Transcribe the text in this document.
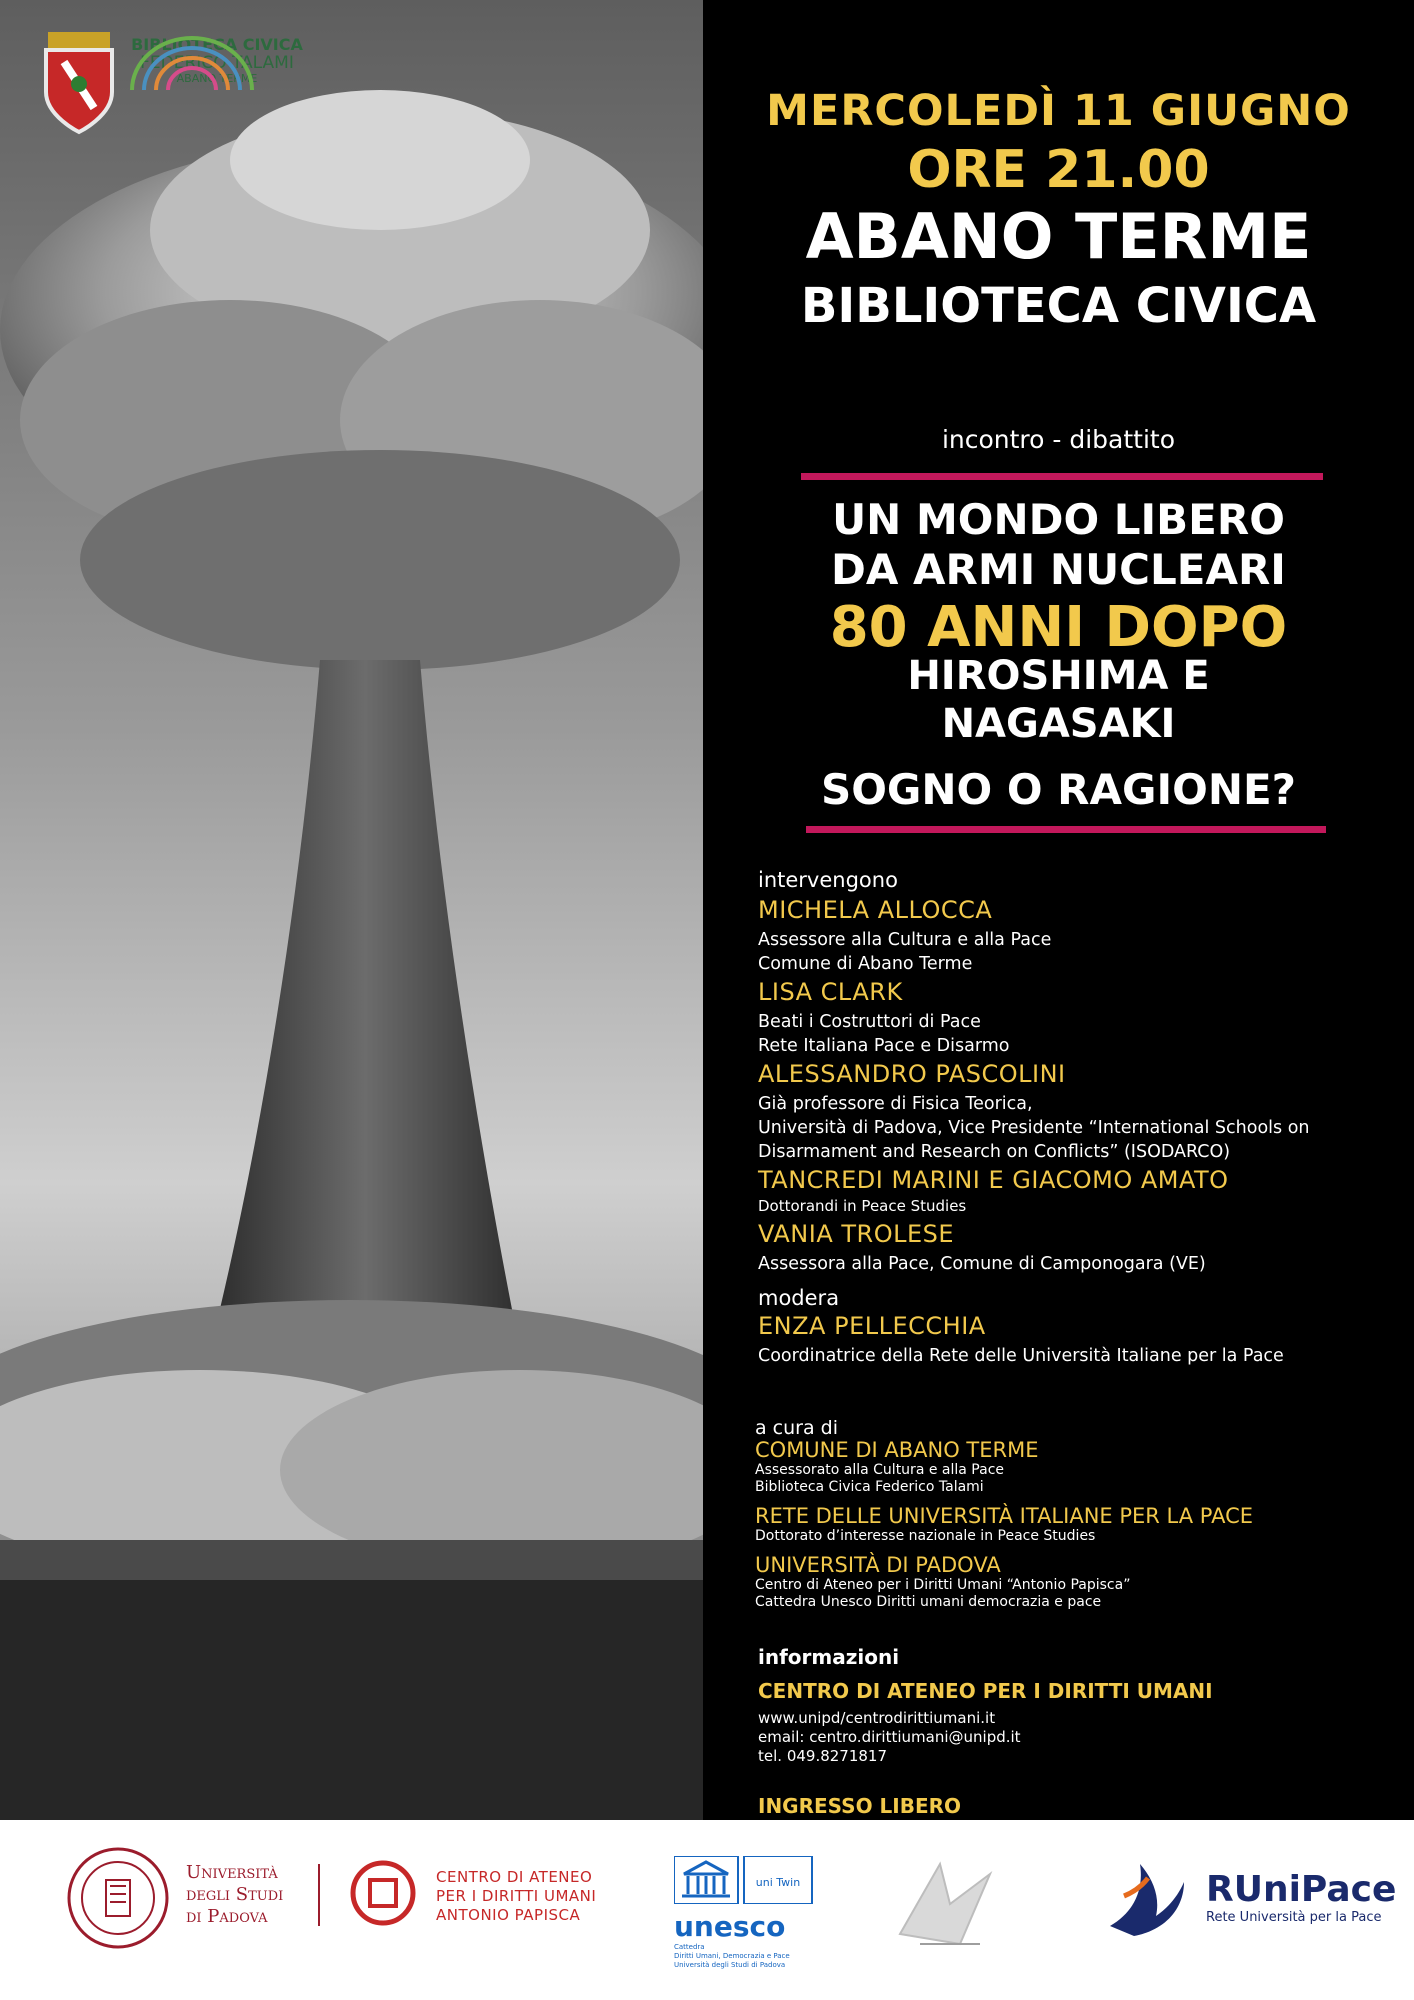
BIBLIOTECA CIVICA
FEDERICO TALAMI
ABANO TERME
MERCOLEDÌ 11 GIUGNO
ORE 21.00
ABANO TERME
BIBLIOTECA CIVICA
incontro - dibattito
UN MONDO LIBERO
DA ARMI NUCLEARI
80 ANNI DOPO
HIROSHIMA E
NAGASAKI
SOGNO O RAGIONE?

intervengono

MICHELA ALLOCCA

Assessore alla Cultura e alla Pace

Comune di Abano Terme

LISA CLARK

Beati i Costruttori di Pace

Rete Italiana Pace e Disarmo

ALESSANDRO PASCOLINI

Già professore di Fisica Teorica,

Università di Padova, Vice Presidente “International Schools on

Disarmament and Research on Conflicts” (ISODARCO)

TANCREDI MARINI E GIACOMO AMATO

Dottorandi in Peace Studies

VANIA TROLESE

Assessora alla Pace, Comune di Camponogara (VE)

modera

ENZA PELLECCHIA

Coordinatrice della Rete delle Università Italiane per la Pace

a cura di

COMUNE DI ABANO TERME

Assessorato alla Cultura e alla Pace

Biblioteca Civica Federico Talami

RETE DELLE UNIVERSITÀ ITALIANE PER LA PACE

Dottorato d’interesse nazionale in Peace Studies

UNIVERSITÀ DI PADOVA

Centro di Ateneo per i Diritti Umani “Antonio Papisca”

Cattedra Unesco Diritti umani democrazia e pace

informazioni

CENTRO DI ATENEO PER I DIRITTI UMANI

www.unipd/centrodirittiumani.it

email: centro.dirittiumani@unipd.it

tel. 049.8271817

INGRESSO LIBERO

Università
degli Studi
di Padova
CENTRO DI ATENEO
PER I DIRITTI UMANI
ANTONIO PAPISCA
uni Twin
unesco
Cattedra
Diritti Umani, Democrazia e Pace
Università degli Studi di Padova
RUniPace
Rete Università per la Pace
